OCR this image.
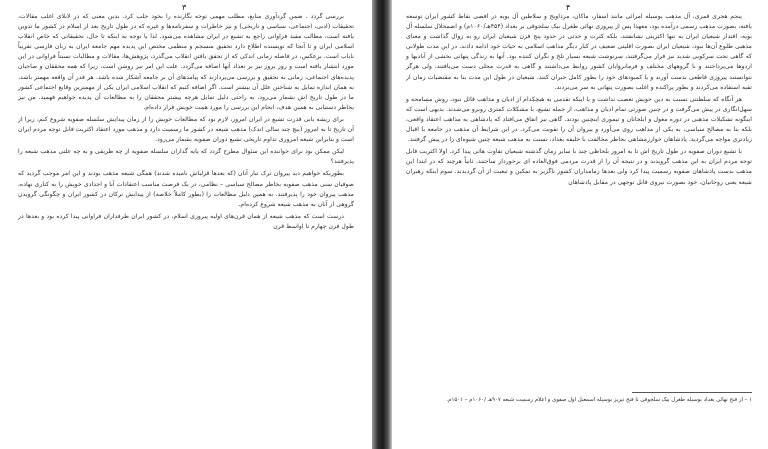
۳

بررسی گردد . ضمن گردآوری منابع، مطلب مهمی توجه نگارنده را بخود جلب کرد. بدین معنی که در لابلای اغلب مقالات، تحقیقات (ادبی، اجتماعی، سیاسی و تاریخی) و نیز خاطرات و سفرنامه‌ها و غیره که در طول تاریخ بعد از اسلام در کشور ما تدوین یافته است، مطالب مفید فراوانی راجع به تشیع در ایران مشاهده می‌شود. لذا با توجه به اینکه تا حال، تحقیقاتی که خاص انقلاب اسلامی ایران و تا آنجا که نویسنده اطلاع دارد تحقیق منسجم و منظمی مختص این پدیده مهم جامعه ایران به زبان فارسی تقریباً نایاب است. برعکس، در فاصله زمانی اندکی که از تحقق یافتن انقلاب می‌گذرد، پژوهش‌ها، مقالات و مطالبات نسبتاً فراوانی در این مورد انتشار یافته است و روز بروز نیز بر تعداد آنها اضافه می‌گردد. علت این امر نیز روشن است، زیرا که همه محققان و صاحبان پدیده‌های اجتماعی، زمانی به تحقیق و بررسی می‌پردازند که پیامدهای آن بر جامعه آشکار شده باشد. هر قدر آن واقعه مهمتر باشد، به همان اندازه تمایل به شناختن علل آن بیشتر است. اگر اضافه کنیم که انقلاب اسلامی ایران یکی از مهمترین وقایع اجتماعی کشور ما در طول تاریخ اش بشمار می‌رود، به راحتی دلیل تمایل هرچه بیشتر محققان را به مطالعات آن پدیده خواهیم فهمید. من نیز بخاطر دستیابی به همین هدف، انجام این بررسی را مورد همت خویش قرار داده‌ام.

برای ریشه یابی قدرت تشیع در ایران امروز، لازم بود که مطالعات خویش را از زمان پیدایش سلسله صفویه شروع کنم، زیرا از آن تاریخ تا به امروز (بیچ چند سالی اندک) مذهب شیعه در کشور ما رسمیت دارد و مذهب مورد اعتقاد اکثریت قابل توجه مردم ایران است و بنابراین شیعه امروزی تداوم تاریخی تشیع دوران صفویه بشمار می‌رود.

لیکن ممکن بود برای خواننده این سئوال مطرح گردد که پایه گذاران سلسله صفویه از چه طریقی و به چه علتی مذهب شیعه را پذیرفتند؟

بطوریکه خواهیم دید پیروان ترک تبار آنان (که بعدها قزلباش نامیده شدند) همگی شیعه مذهب بودند و این امر موجب گردید که صوفیان سنی مذهب صفویه بخاطر مصالح سیاسی – نظامی، در یک فرصت مناسب اعتقادات آبا و اجدادی خویش را به کناری نهاده، مذهب پیروان خود را پذیرفتند. به همین دلیل مطالعات را (بطور کاملاً خلاصه) از پیدایش ترکان در کشور ایران و چگونگی گرویدن گروهی از آنان به مذهب شیعه شروع کرده‌ام.

درست است که مذهب شیعه از همان قرن‌های اولیه پیروزی اسلام، در کشور ایران طرفداران فراوانی پیدا کرده بود و بعدها در طول قرن چهارم تا اواسط قرن

۴

پنجم هجری قمری، آل مذهب بوسیله امرائی مانند اسفار، ماکان، مرداویج و سلاطین آل بویه در اقصی نقاط کشور ایران توسعه یافته، بصورت مذهب رسمی درآمده بود، معهذا پس از پیروزی نهائی طغرل بیک سلجوقی بر بغداد (۴۵۴هـ/۱۰۶۰م) و اضمحلال سلسله آل بویه، اقتدار شیعیان ایران به تنها اکثریتی نشانفتند، بلکه کثرت و حدتی در حدود پنج قرن شیعیان ایران رو به زوال گذاشت و معنای مذهبی طلوع آن‌ها نبود، شیعیان ایران بصورت اقلیتی ضعیف در کنار دیگر مذاهب اسلامی به حیات خود ادامه دادند. در این مدت طولانی که گاهی تحت سرکوبی شدید نیز قرار می‌گرفتند، سرنوشت شیعه بسیار تلخ و نگران کننده بود. آنها به زندگی پنهانی بخشی از آبادیها و اردوها می‌پرداختند و با گروههای مختلف و فرمانروایان کشور روابط می‌داشتند و گاهی به قدرت محلی دست می‌یافتند، ولی هرگز نتوانستند پیروزی قاطعی بدست آورند و یا کمبودهای خود را بطور کامل جبران کنند. شیعیان در طول این مدت بنا به مقتضیات زمان از تقیه استفاده می‌کردند و بطور پراکنده و اغلب بصورت پنهانی به سر می‌بردند.

هر آنگاه که سلطنتی نسبت به دین خویش تعصب نداشت و یا اینکه تقدمی به هیچکدام از ادیان و مذاهب قائل نبود، روش مسامحه و سهل‌انگاری در پیش می‌گرفت و در چنین صورتی تمام ادیان و مذاهب، از جمله تشیع، با مشکلات کمتری روبرو می‌شدند. بدیهی است که اینگونه تشکیلات مذهبی در دوره مغول و ایلخانان و تیموری اینچنین بودند. گاهی نیز اتفاق می‌افتاد که پادشاهی به مذاهب اعتقاد واقعی، بلکه بنا به مصالح سیاسی، به یکی از مذاهب روی می‌آورد و پیروان آن را تقویت می‌کرد. در این شرایط آن مذهب در جامعه با اقبال زیادتری مواجه می‌گردید. پادشاهان خوارزمشاهی بخاطر مخالفت با خلیفه بغداد، نسبت به مذهب شیعه چنین شیوه‌ای را در پیش گرفتند.

با تشیع دوران صفویه در طول تاریخ اش تا به امروز بلحاظی چند با سایر زمان گذشته شیعیان تفاوت هائی پیدا کرد. اولا اکثریت قابل توجه مردم ایران به این مذهب گرویدند و در نتیجه آن را از قدرت مردمی فوق‌العاده ای برخوردار ساختند. ثانیاً هرچند که در ابتدا این مذهب بدست پادشاهان صفویه رسمیت پیدا کرد ولی بعدها زمامداران کشور ناگزیر به تمکین و تبعیت از آن گردیدند. سوم اینکه رهبران شیعه یعنی روحانیان، خود بصورت نیروی قابل توجهی در مقابل پادشاهان

۱ – از فتح نهائی بغداد بوسیله طغرل بیک سلجوقی تا فتح تبریز بوسیله اسمعیل اول صفوی و اعلام رسمیت شیعه ۹۰۷هـ /۱۰۶۰م – ۱۵۰۱م.
